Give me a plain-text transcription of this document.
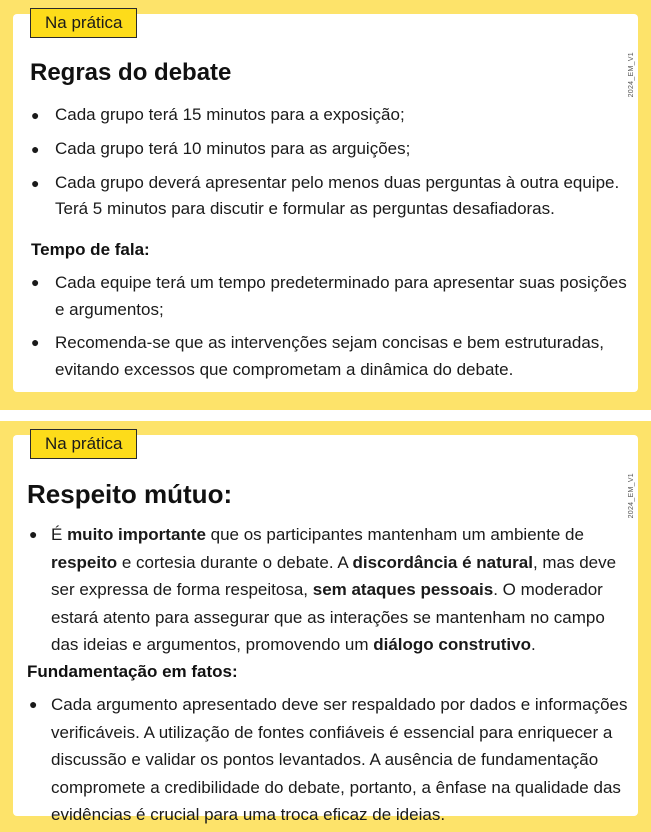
Na prática
2024_EM_V1
Regras do debate
● Cada grupo terá 15 minutos para a exposição;
● Cada grupo terá 10 minutos para as arguições;
● Cada grupo deverá apresentar pelo menos duas perguntas à outra equipe. Terá 5 minutos para discutir e formular as perguntas desafiadoras.
Tempo de fala:
● Cada equipe terá um tempo predeterminado para apresentar suas posições e argumentos;
● Recomenda-se que as intervenções sejam concisas e bem estruturadas, evitando excessos que comprometam a dinâmica do debate.
Na prática
2024_EM_V1
Respeito mútuo:
● É muito importante que os participantes mantenham um ambiente de respeito e cortesia durante o debate. A discordância é natural, mas deve ser expressa de forma respeitosa, sem ataques pessoais. O moderador estará atento para assegurar que as interações se mantenham no campo das ideias e argumentos, promovendo um diálogo construtivo.
Fundamentação em fatos:
● Cada argumento apresentado deve ser respaldado por dados e informações verificáveis. A utilização de fontes confiáveis é essencial para enriquecer a discussão e validar os pontos levantados. A ausência de fundamentação compromete a credibilidade do debate, portanto, a ênfase na qualidade das evidências é crucial para uma troca eficaz de ideias.
